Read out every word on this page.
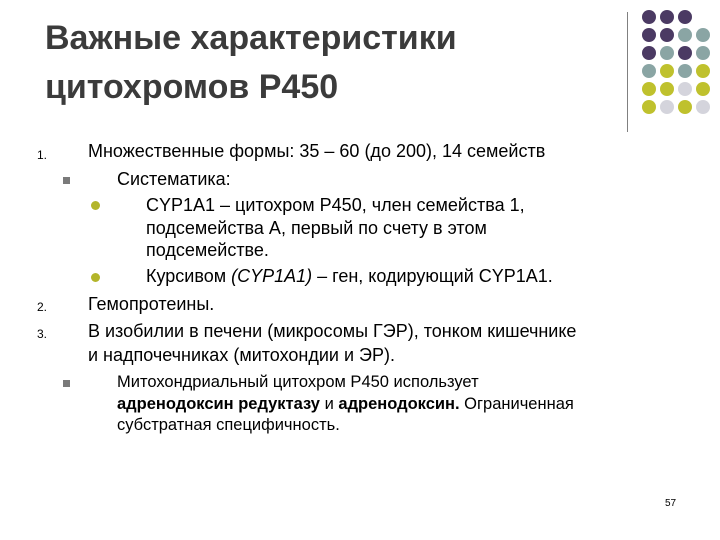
Важные характеристики
цитохромов Р450
1. Множественные формы: 35 – 60 (до 200), 14 семейств
Систематика:
CYP1A1 – цитохром Р450, член семейства 1,
подсемейства А, первый по счету в этом
подсемействе.
Курсивом (CYP1A1) – ген, кодирующий CYP1A1.
2. Гемопротеины.
3. В изобилии в печени (микросомы ГЭР), тонком кишечнике
и надпочечниках (митохондии и ЭР).
Митохондриальный цитохром Р450 использует
адренодоксин редуктазу и адренодоксин. Ограниченная
субстратная специфичность.
57
